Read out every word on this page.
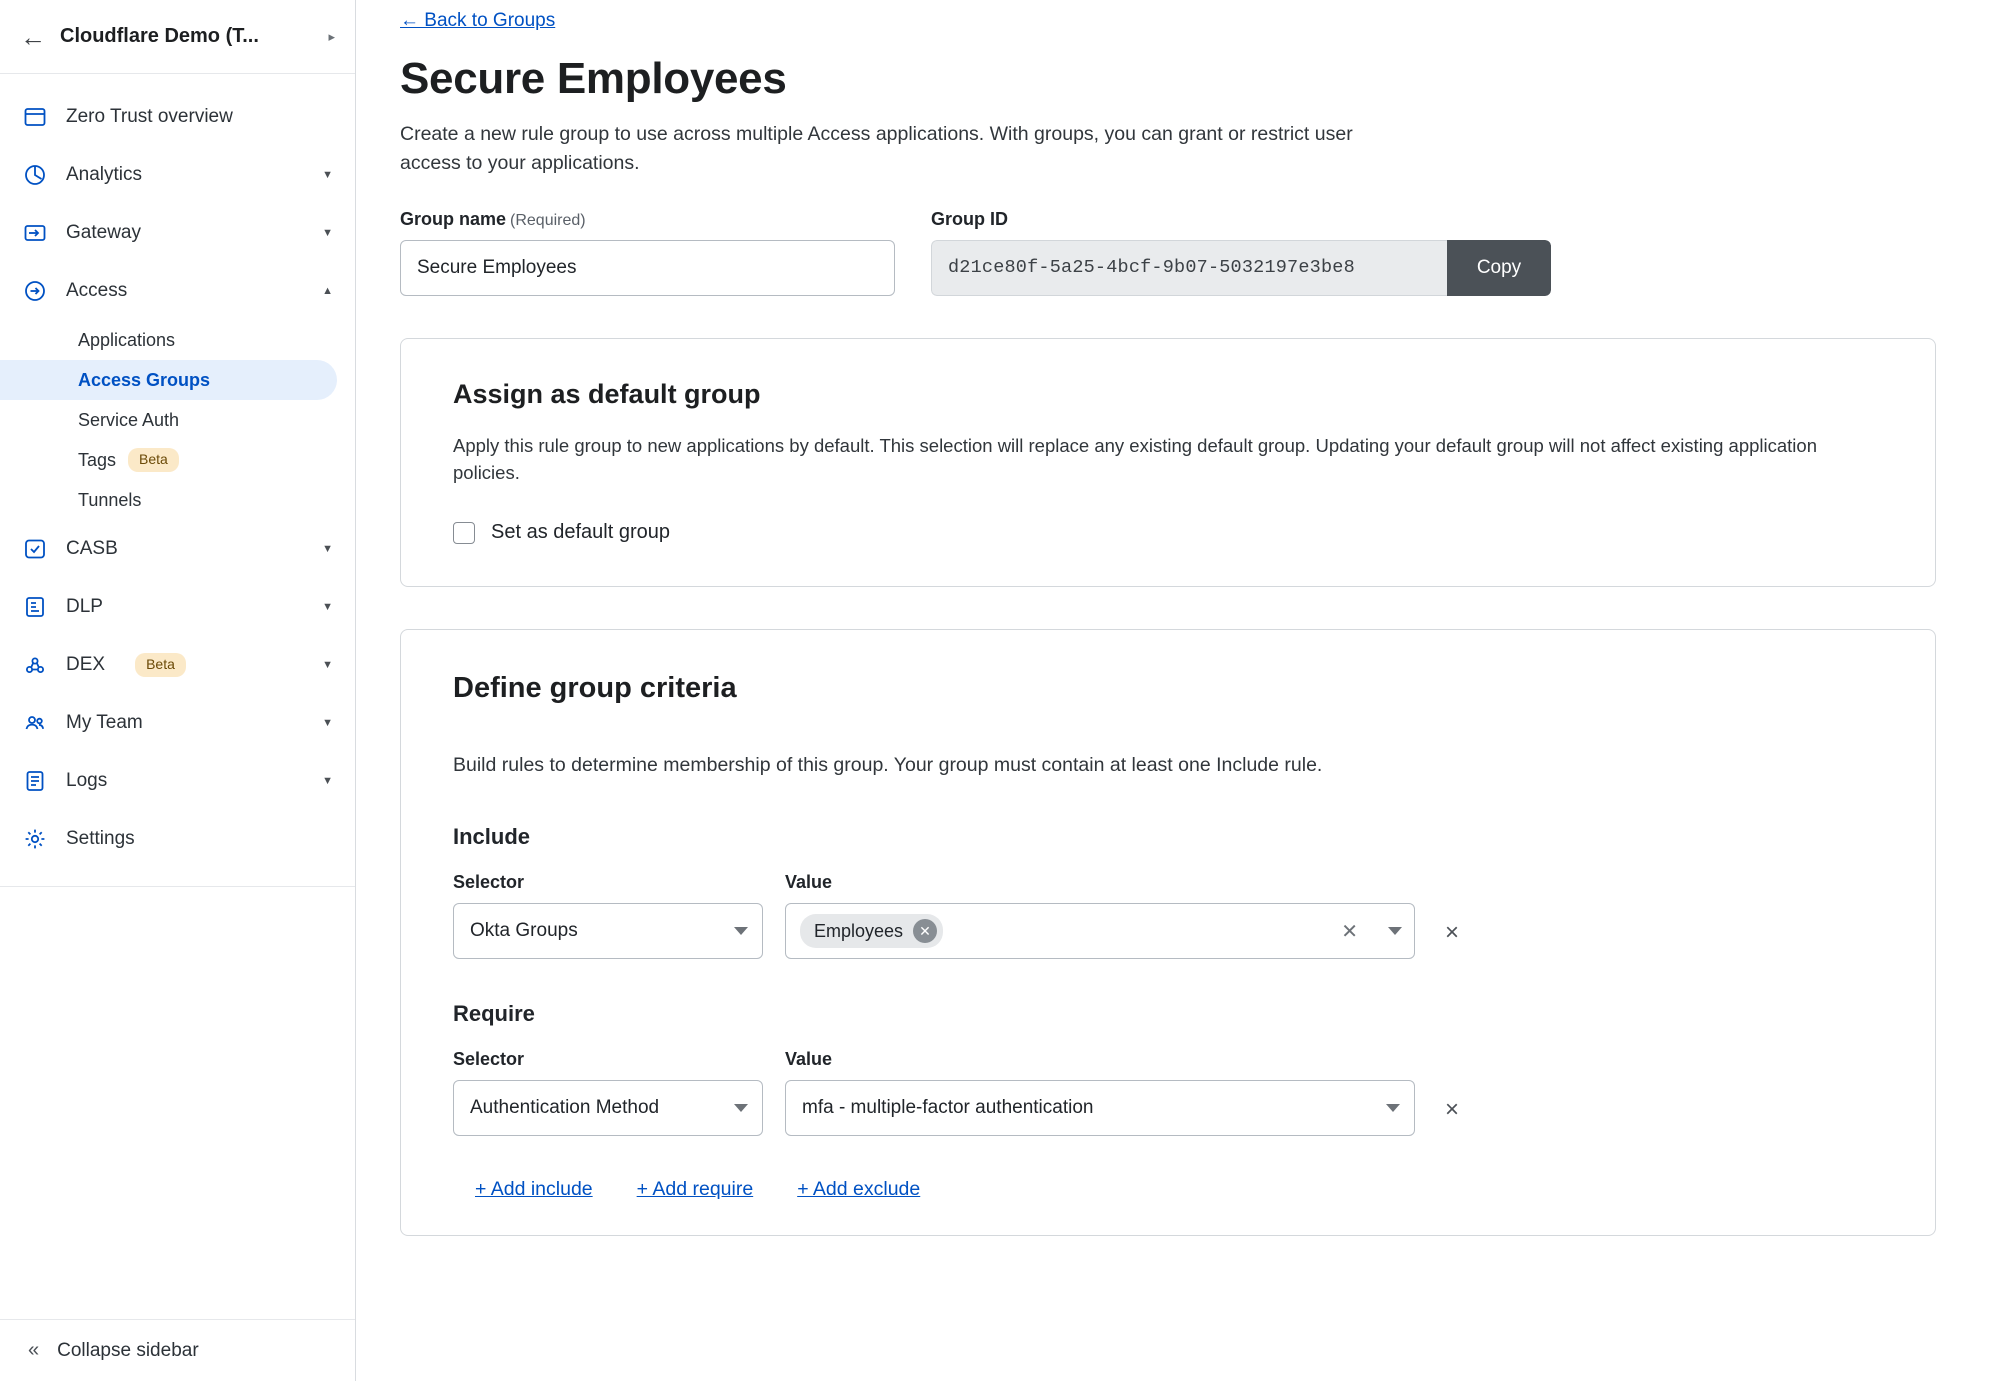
← Cloudflare Demo (T...	▸
Zero Trust overview
Analytics	▼
Gateway	▼
Access	▲
Applications
Access Groups
Service Auth
Tags	Beta
Tunnels
CASB	▼
DLP	▼
DEX	Beta	▼
My Team	▼
Logs	▼
Settings
« Collapse sidebar
← Back to Groups
Secure Employees

Create a new rule group to use across multiple Access applications. With groups, you can grant or restrict user access to your applications.

Group name (Required)
Secure Employees	Group ID
d21ce80f-5a25-4bcf-9b07-5032197e3be8	Copy
Assign as default group

Apply this rule group to new applications by default. This selection will replace any existing default group. Updating your default group will not affect existing application policies.

Set as default group
Define group criteria

Build rules to determine membership of this group. Your group must contain at least one Include rule.

Include
Selector
Okta Groups
Value
Employees	✕	✕	×
Require
Selector
Authentication Method
Value
mfa - multiple-factor authentication	×
+ Add include + Add require + Add exclude
